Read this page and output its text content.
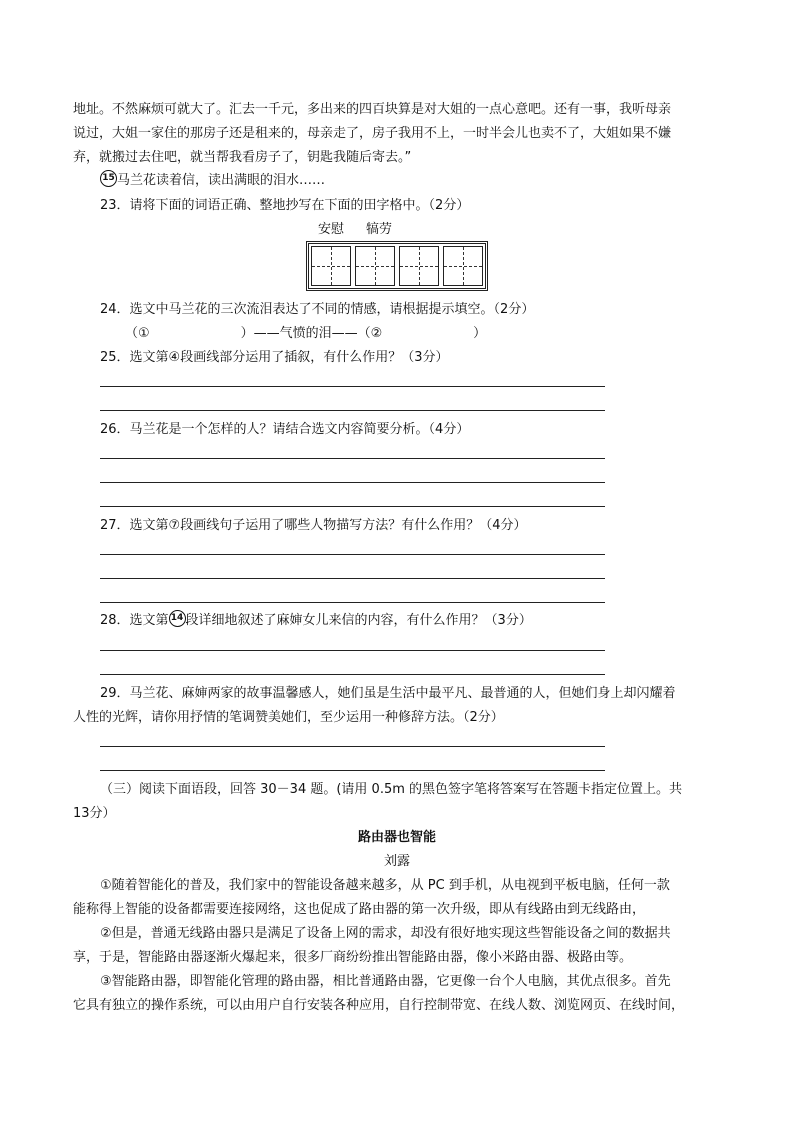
地址。不然麻烦可就大了。汇去一千元，多出来的四百块算是对大姐的一点心意吧。还有一事，我听母亲
说过，大姐一家住的那房子还是租来的，母亲走了，房子我用不上，一时半会儿也卖不了，大姐如果不嫌
弃，就搬过去住吧，就当帮我看房子了，钥匙我随后寄去。”
15 马兰花读着信，读出满眼的泪水……
23．请将下面的词语正确、整地抄写在下面的田字格中。（2分）
安慰 犒劳
24．选文中马兰花的三次流泪表达了不同的情感，请根据提示填空。（2分）
（①                      ）——气愤的泪——（②                      ）
25．选文第④段画线部分运用了插叙，有什么作用？（3分）
26．马兰花是一个怎样的人？请结合选文内容简要分析。（4分）
27．选文第⑦段画线句子运用了哪些人物描写方法？有什么作用？（4分）
28．选文第 14 段详细地叙述了麻婶女儿来信的内容，有什么作用？（3分）
29．马兰花、麻婶两家的故事温馨感人，她们虽是生活中最平凡、最普通的人，但她们身上却闪耀着
人性的光辉，请你用抒情的笔调赞美她们，至少运用一种修辞方法。（2分）
（三）阅读下面语段，回答 30－34 题。(请用 0.5m 的黑色签字笔将答案写在答题卡指定位置上。共
13分）
路由器也智能
刘露
①随着智能化的普及，我们家中的智能设备越来越多，从 PC 到手机，从电视到平板电脑，任何一款
能称得上智能的设备都需要连接网络，这也促成了路由器的第一次升级，即从有线路由到无线路由，
②但是，普通无线路由器只是满足了设备上网的需求，却没有很好地实现这些智能设备之间的数据共
享，于是，智能路由器逐渐火爆起来，很多厂商纷纷推出智能路由器，像小米路由器、极路由等。
③智能路由器，即智能化管理的路由器，相比普通路由器，它更像一台个人电脑，其优点很多。首先
它具有独立的操作系统，可以由用户自行安装各种应用，自行控制带宽、在线人数、浏览网页、在线时间，
